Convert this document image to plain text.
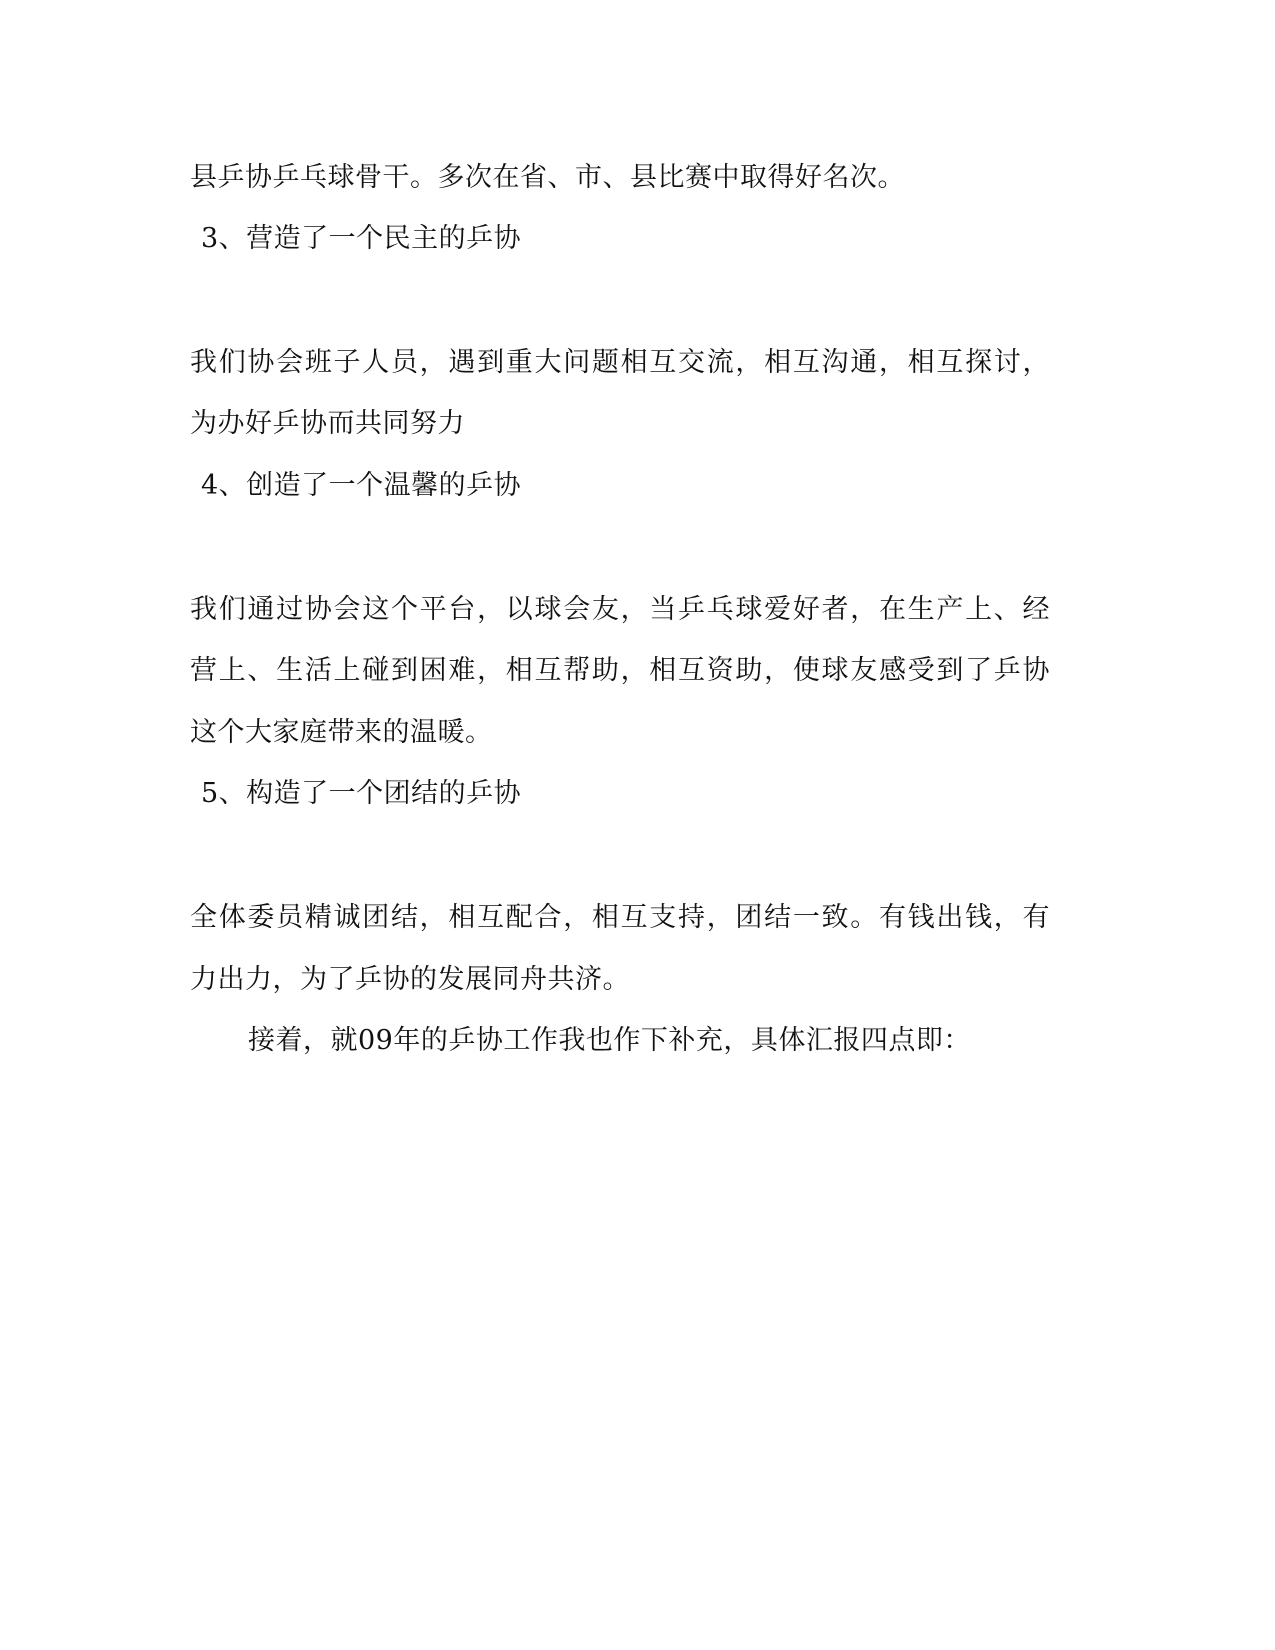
县乒协乒乓球骨干。多次在省、市、县比赛中取得好名次。
3、营造了一个民主的乒协
我们协会班子人员，遇到重大问题相互交流，相互沟通，相互探讨，
为办好乒协而共同努力
4、创造了一个温馨的乒协
我们通过协会这个平台，以球会友，当乒乓球爱好者，在生产上、经
营上、生活上碰到困难，相互帮助，相互资助，使球友感受到了乒协
这个大家庭带来的温暖。
5、构造了一个团结的乒协
全体委员精诚团结，相互配合，相互支持，团结一致。有钱出钱，有
力出力，为了乒协的发展同舟共济。
接着，就09年的乒协工作我也作下补充，具体汇报四点即：
